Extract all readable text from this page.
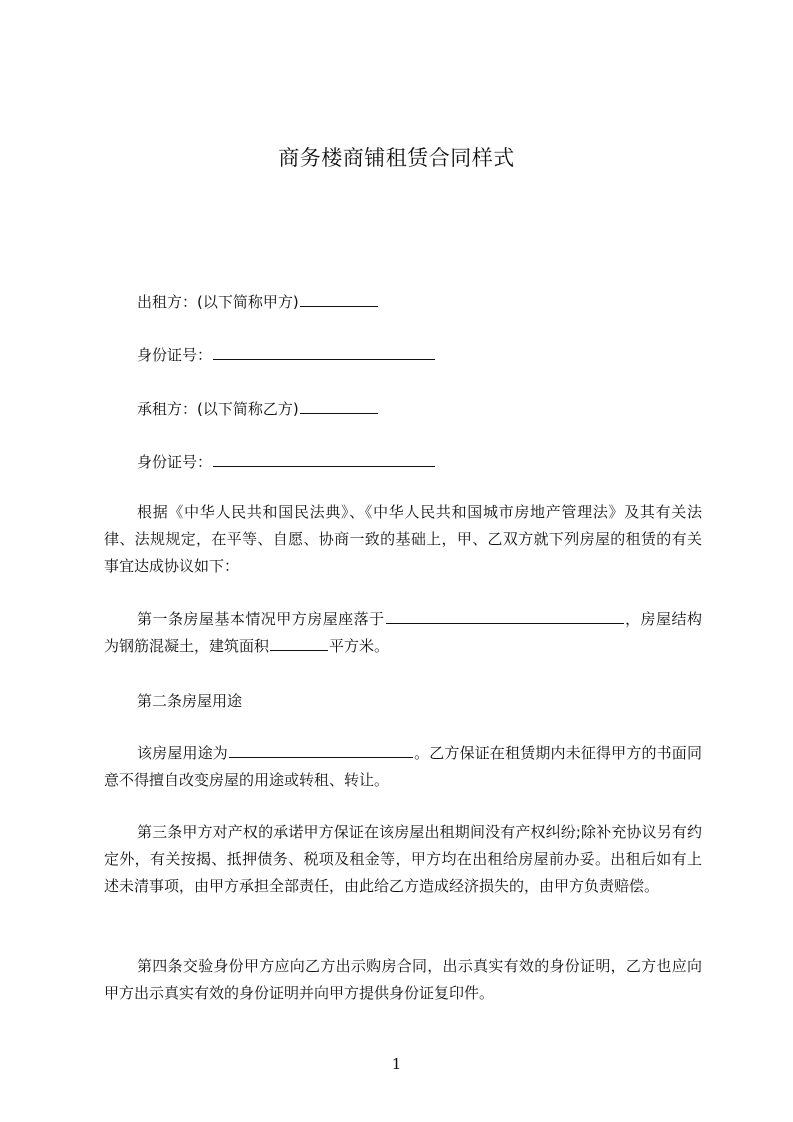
商务楼商铺租赁合同样式
出租方：(以下简称甲方)
身份证号：
承租方：(以下简称乙方)
身份证号：
根据《中华人民共和国民法典》、《中华人民共和国城市房地产管理法》及其有关法律、法规规定，在平等、自愿、协商一致的基础上，甲、乙双方就下列房屋的租赁的有关事宜达成协议如下：
第一条房屋基本情况甲方房屋座落于	，房屋结构为钢筋混凝土，建筑面积	平方米。
第二条房屋用途
该房屋用途为	。乙方保证在租赁期内未征得甲方的书面同意不得擅自改变房屋的用途或转租、转让。
第三条甲方对产权的承诺甲方保证在该房屋出租期间没有产权纠纷;除补充协议另有约定外，有关按揭、抵押债务、税项及租金等，甲方均在出租给房屋前办妥。出租后如有上述未清事项，由甲方承担全部责任，由此给乙方造成经济损失的，由甲方负责赔偿。
第四条交验身份甲方应向乙方出示购房合同，出示真实有效的身份证明，乙方也应向甲方出示真实有效的身份证明并向甲方提供身份证复印件。
1
